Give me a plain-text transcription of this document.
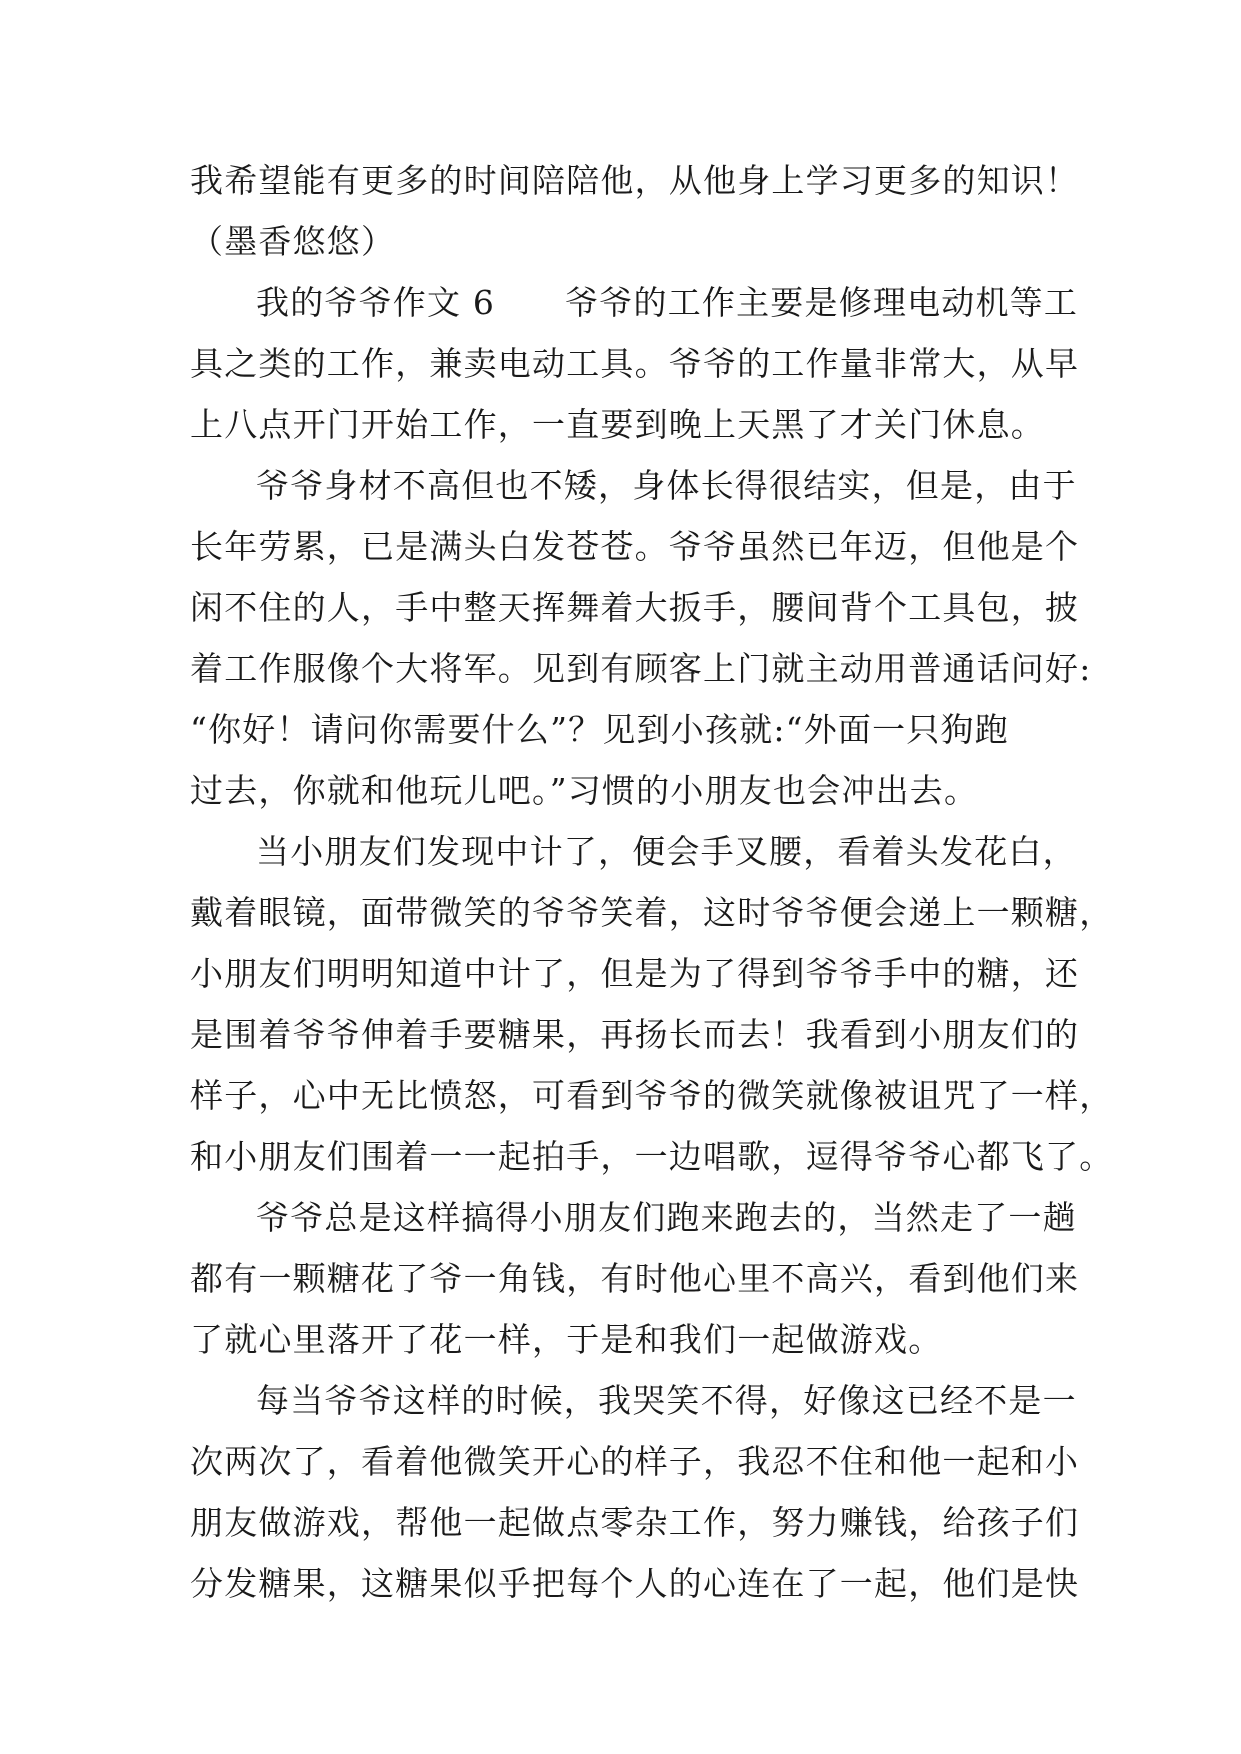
我希望能有更多的时间陪陪他，从他身上学习更多的知识！
（墨香悠悠）
我的爷爷作文 6 爷爷的工作主要是修理电动机等工
具之类的工作，兼卖电动工具。爷爷的工作量非常大，从早
上八点开门开始工作，一直要到晚上天黑了才关门休息。
爷爷身材不高但也不矮，身体长得很结实，但是，由于
长年劳累，已是满头白发苍苍。爷爷虽然已年迈，但他是个
闲不住的人，手中整天挥舞着大扳手，腰间背个工具包，披
着工作服像个大将军。见到有顾客上门就主动用普通话问好:
“你好！请问你需要什么”？见到小孩就:“外面一只狗跑
过去，你就和他玩儿吧。”习惯的小朋友也会冲出去。
当小朋友们发现中计了，便会手叉腰，看着头发花白，
戴着眼镜，面带微笑的爷爷笑着，这时爷爷便会递上一颗糖，
小朋友们明明知道中计了，但是为了得到爷爷手中的糖，还
是围着爷爷伸着手要糖果，再扬长而去！我看到小朋友们的
样子，心中无比愤怒，可看到爷爷的微笑就像被诅咒了一样，
和小朋友们围着一一起拍手，一边唱歌，逗得爷爷心都飞了。
爷爷总是这样搞得小朋友们跑来跑去的，当然走了一趟
都有一颗糖花了爷一角钱，有时他心里不高兴，看到他们来
了就心里落开了花一样，于是和我们一起做游戏。
每当爷爷这样的时候，我哭笑不得，好像这已经不是一
次两次了，看着他微笑开心的样子，我忍不住和他一起和小
朋友做游戏，帮他一起做点零杂工作，努力赚钱，给孩子们
分发糖果，这糖果似乎把每个人的心连在了一起，他们是快
